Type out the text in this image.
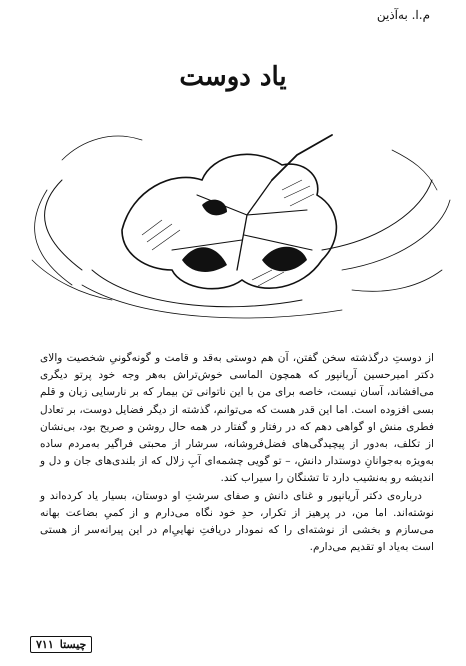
م.ا. به‌آذین
یاد دوست

از دوستِ درگذشته سخن گفتن، آن هم دوستی به‌قد و قامت و گونه‌گونیِ شخصیت والای دکتر امیرحسین آریانپور که همچون الماسی خوش‌تراش به‌هر وجه خود پرتو دیگری می‌افشاند، آسان نیست، خاصه برای من با این ناتوانی تن بیمار که بر نارسایی زبان و قلم بسی افزوده است. اما این قدر هست که می‌توانم، گذشته از دیگر فضایل دوست، بر تعادل فطری منش او گواهی دهم که در رفتار و گفتار در همه حال روشن و صریح بود، بی‌نشان از تکلف، به‌دور از پیچیدگی‌های فضل‌فروشانه، سرشار از محبتی فراگیر به‌مردم ساده به‌ویژه به‌جوانانِ دوستدار دانش، – تو گویی چشمه‌ای آبِ زلال که از بلندی‌های جان و دل و اندیشه رو به‌نشیب دارد تا تشنگان را سیراب کند.

درباره‌ی دکتر آریانپور و غنای دانش و صفای سرشتِ او دوستان، بسیار یاد کرده‌اند و نوشته‌اند. اما من، در پرهیز از تکرار، حدِ خود نگاه می‌دارم و از کمیِ بضاعت بهانه می‌سازم و بخشی از نوشته‌ای را که نمودار دریافتِ نهاییِ‌ام در این پیرانه‌سر از هستی است به‌یاد او تقدیم می‌دارم.

چیستا
۷۱۱
